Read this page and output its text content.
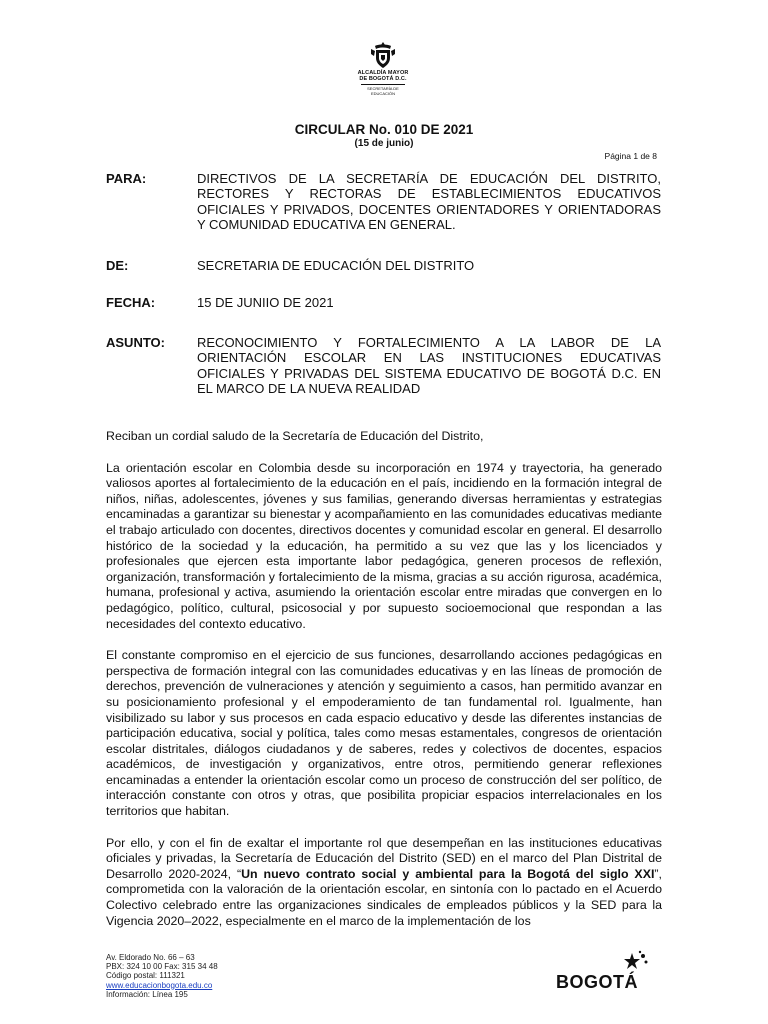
ALCALDÍA MAYOR
DE BOGOTÁ D.C.
SECRETARÍA DE EDUCACIÓN
CIRCULAR No. 010 DE 2021
(15 de junio)
Página 1 de 8
PARA:	DIRECTIVOS DE LA SECRETARÍA DE EDUCACIÓN DEL DISTRITO, RECTORES Y RECTORAS DE ESTABLECIMIENTOS EDUCATIVOS OFICIALES Y PRIVADOS, DOCENTES ORIENTADORES Y ORIENTADORAS Y COMUNIDAD EDUCATIVA EN GENERAL.
DE:	SECRETARIA DE EDUCACIÓN DEL DISTRITO
FECHA:	15 DE JUNIIO DE 2021
ASUNTO: RECONOCIMIENTO Y FORTALECIMIENTO A LA LABOR DE LA ORIENTACIÓN ESCOLAR EN LAS INSTITUCIONES EDUCATIVAS OFICIALES Y PRIVADAS DEL SISTEMA EDUCATIVO DE BOGOTÁ D.C. EN EL MARCO DE LA NUEVA REALIDAD

Reciban un cordial saludo de la Secretaría de Educación del Distrito,

La orientación escolar en Colombia desde su incorporación en 1974 y trayectoria, ha generado valiosos aportes al fortalecimiento de la educación en el país, incidiendo en la formación integral de niños, niñas, adolescentes, jóvenes y sus familias, generando diversas herramientas y estrategias encaminadas a garantizar su bienestar y acompañamiento en las comunidades educativas mediante el trabajo articulado con docentes, directivos docentes y comunidad escolar en general. El desarrollo histórico de la sociedad y la educación, ha permitido a su vez que las y los licenciados y profesionales que ejercen esta importante labor pedagógica, generen procesos de reflexión, organización, transformación y fortalecimiento de la misma, gracias a su acción rigurosa, académica, humana, profesional y activa, asumiendo la orientación escolar entre miradas que convergen en lo pedagógico, político, cultural, psicosocial y por supuesto socioemocional que respondan a las necesidades del contexto educativo.

El constante compromiso en el ejercicio de sus funciones, desarrollando acciones pedagógicas en perspectiva de formación integral con las comunidades educativas y en las líneas de promoción de derechos, prevención de vulneraciones y atención y seguimiento a casos, han permitido avanzar en su posicionamiento profesional y el empoderamiento de tan fundamental rol. Igualmente, han visibilizado su labor y sus procesos en cada espacio educativo y desde las diferentes instancias de participación educativa, social y política, tales como mesas estamentales, congresos de orientación escolar distritales, diálogos ciudadanos y de saberes, redes y colectivos de docentes, espacios académicos, de investigación y organizativos, entre otros, permitiendo generar reflexiones encaminadas a entender la orientación escolar como un proceso de construcción del ser político, de interacción constante con otros y otras, que posibilita propiciar espacios interrelacionales en los territorios que habitan.

Por ello, y con el fin de exaltar el importante rol que desempeñan en las instituciones educativas oficiales y privadas, la Secretaría de Educación del Distrito (SED) en el marco del Plan Distrital de Desarrollo 2020-2024, “Un nuevo contrato social y ambiental para la Bogotá del siglo XXI”, comprometida con la valoración de la orientación escolar, en sintonía con lo pactado en el Acuerdo Colectivo celebrado entre las organizaciones sindicales de empleados públicos y la SED para la Vigencia 2020–2022, especialmente en el marco de la implementación de los

Av. Eldorado No. 66 – 63
PBX: 324 10 00 Fax: 315 34 48
Código postal: 111321
www.educacionbogota.edu.co
Información: Línea 195
BOGOTÁ
